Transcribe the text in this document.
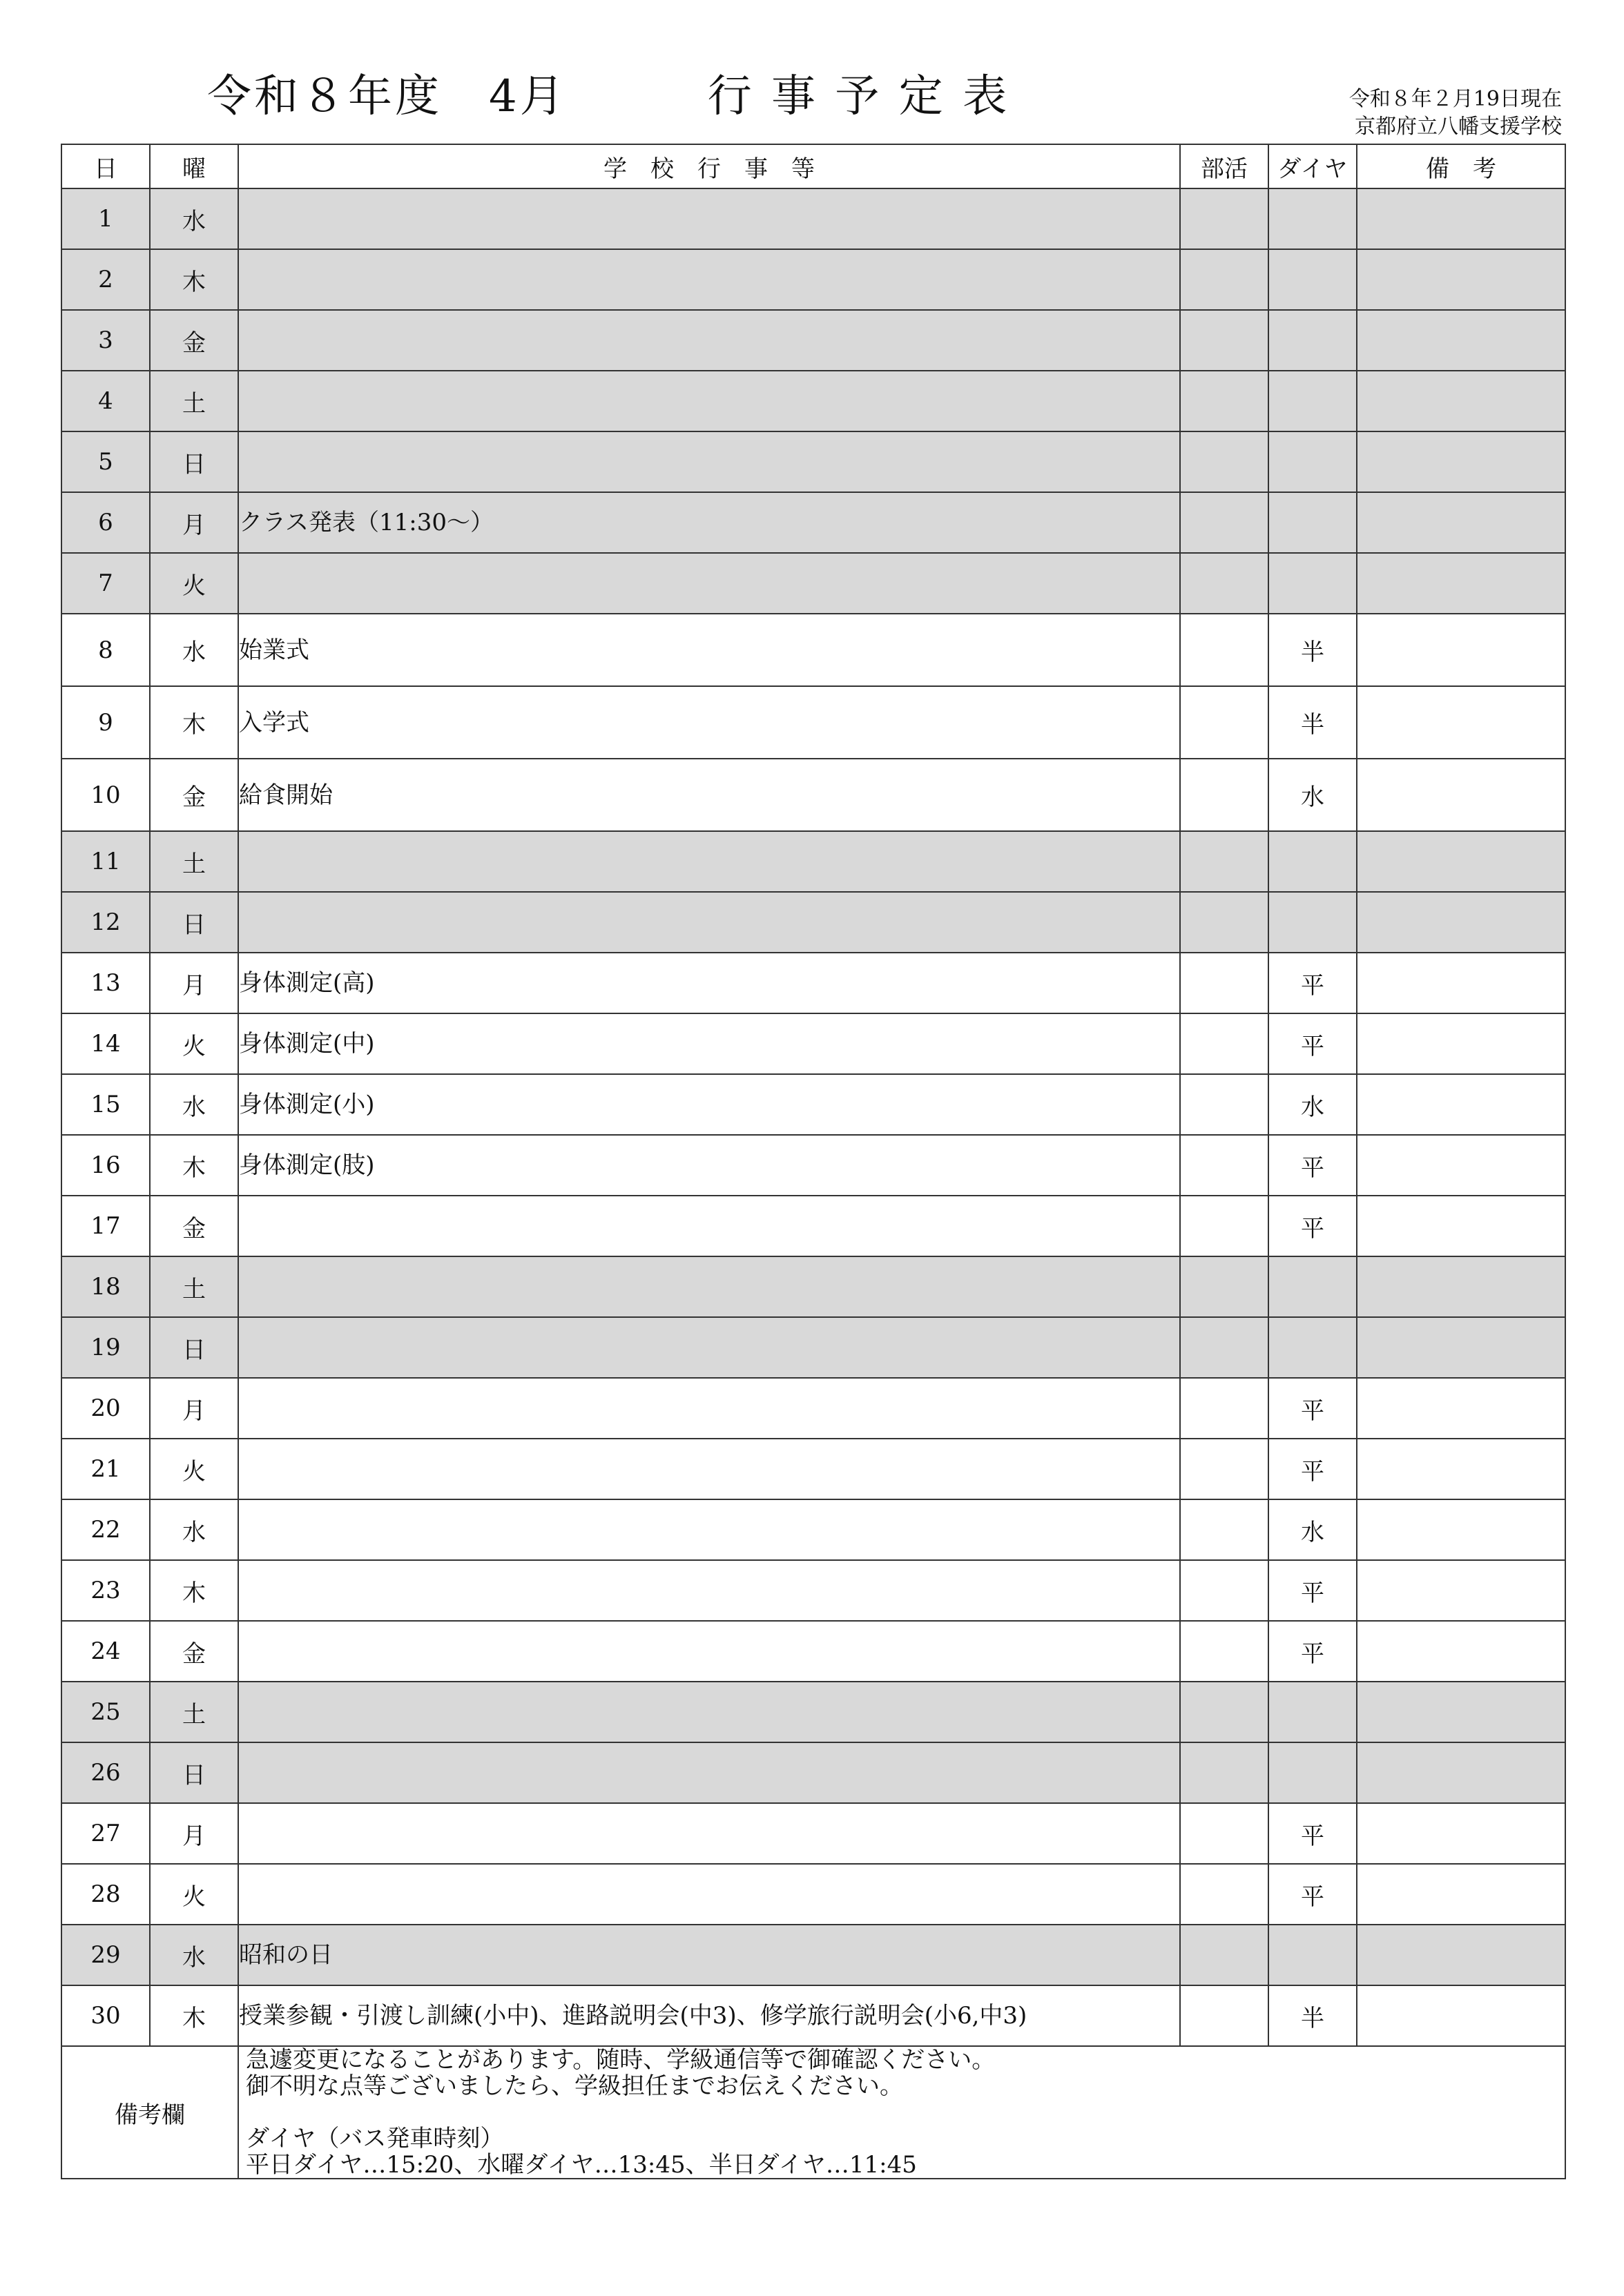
令和８年度　4月　　　行 事 予 定 表	令和８年２月19日現在
京都府立八幡支援学校
日	曜	学　校　行　事　等	部活	ダイヤ	備　考
1	水				
2	木				
3	金				
4	土				
5	日				
6	月	クラス発表（11:30～）			
7	火				
8	水	始業式		半	
9	木	入学式		半	
10	金	給食開始		水	
11	土				
12	日				
13	月	身体測定(高)		平	
14	火	身体測定(中)		平	
15	水	身体測定(小)		水	
16	木	身体測定(肢)		平	
17	金			平	
18	土				
19	日				
20	月			平	
21	火			平	
22	水			水	
23	木			平	
24	金			平	
25	土				
26	日				
27	月			平	
28	火			平	
29	水	昭和の日			
30	木	授業参観・引渡し訓練(小中)、進路説明会(中3)、修学旅行説明会(小6,中3)		半	
備考欄		急遽変更になることがあります。随時、学級通信等で御確認ください。
御不明な点等ございましたら、学級担任までお伝えください。

ダイヤ（バス発車時刻）
平日ダイヤ…15:20、水曜ダイヤ…13:45、半日ダイヤ…11:45			
